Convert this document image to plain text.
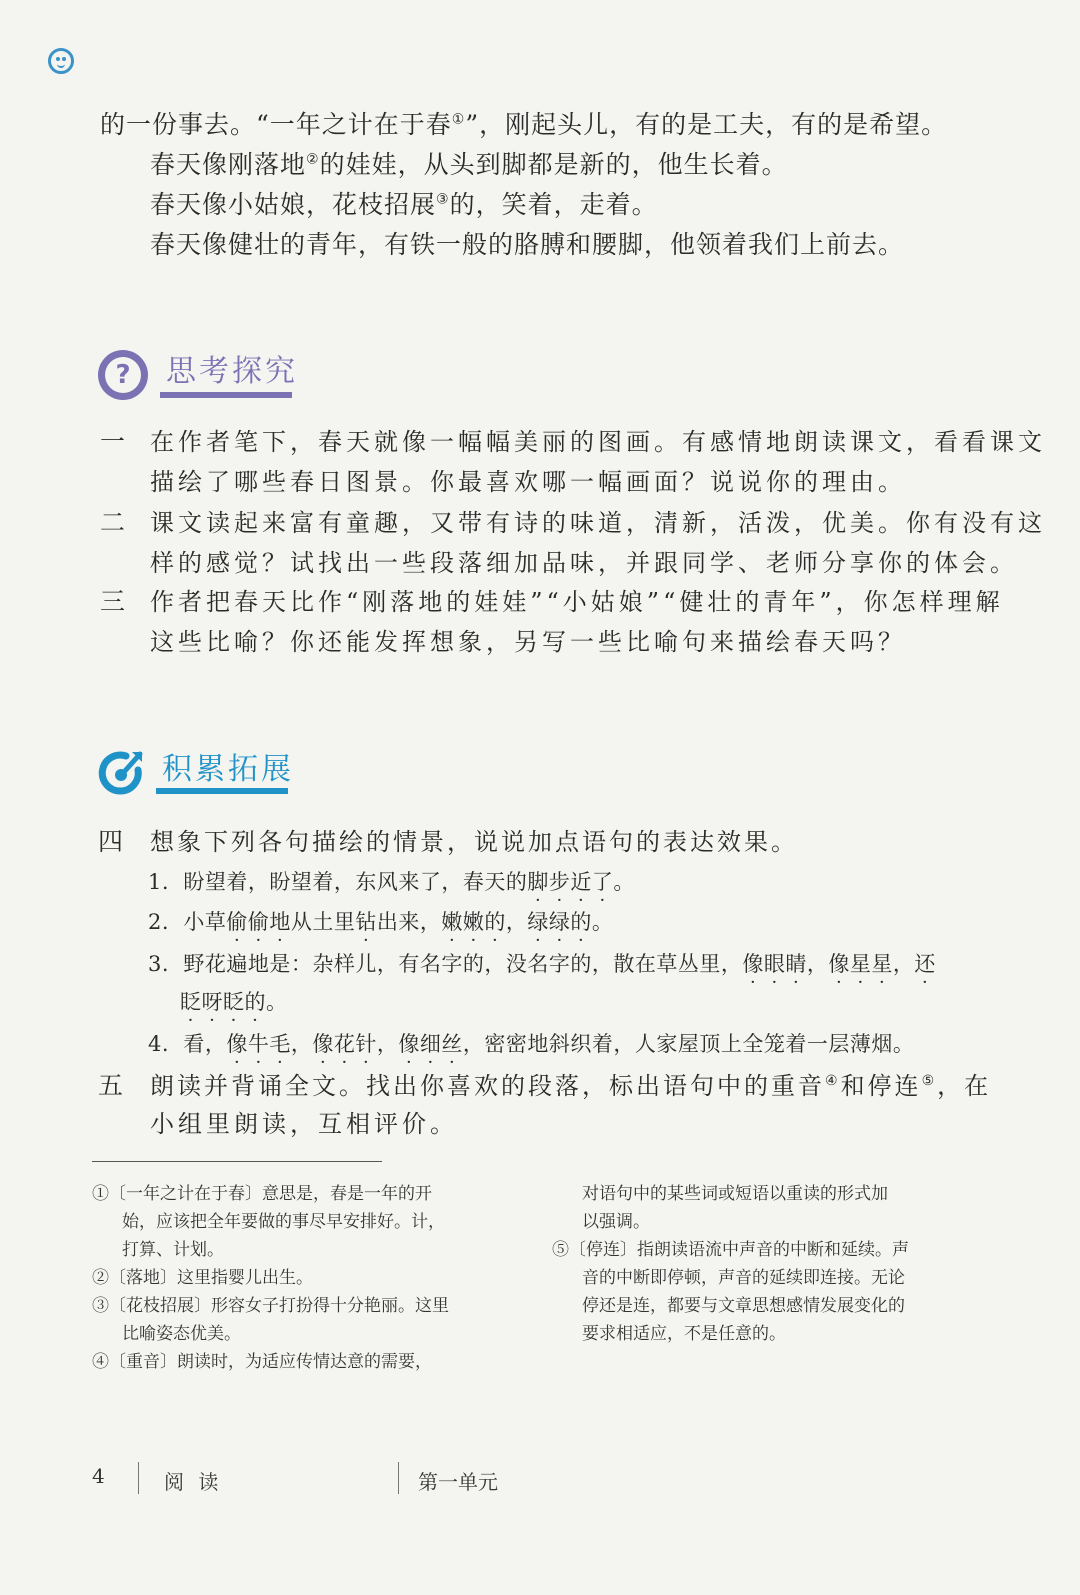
的一份事去。“一年之计在于春①”，刚起头儿，有的是工夫，有的是希望。
春天像刚落地②的娃娃，从头到脚都是新的，他生长着。
春天像小姑娘，花枝招展③的，笑着，走着。
春天像健壮的青年，有铁一般的胳膊和腰脚，他领着我们上前去。
? 思考探究
一 在作者笔下，春天就像一幅幅美丽的图画。有感情地朗读课文，看看课文
描绘了哪些春日图景。你最喜欢哪一幅画面？说说你的理由。
二 课文读起来富有童趣，又带有诗的味道，清新，活泼，优美。你有没有这
样的感觉？试找出一些段落细加品味，并跟同学、老师分享你的体会。
三 作者把春天比作“刚落地的娃娃”“小姑娘”“健壮的青年”，你怎样理解
这些比喻？你还能发挥想象，另写一些比喻句来描绘春天吗？
积累拓展
四 想象下列各句描绘的情景，说说加点语句的表达效果。
1. 盼望着，盼望着，东风来了，春天的脚步近了。
2. 小草偷偷地从土里钻出来，嫩嫩的，绿绿的。
3. 野花遍地是：杂样儿，有名字的，没名字的，散在草丛里，像眼睛，像星星，还
眨呀眨的。
4. 看，像牛毛，像花针，像细丝，密密地斜织着，人家屋顶上全笼着一层薄烟。
五 朗读并背诵全文。找出你喜欢的段落，标出语句中的重音④和停连⑤，在
小组里朗读，互相评价。
①〔一年之计在于春〕意思是，春是一年的开
始，应该把全年要做的事尽早安排好。计，
打算、计划。
②〔落地〕这里指婴儿出生。
③〔花枝招展〕形容女子打扮得十分艳丽。这里
比喻姿态优美。
④〔重音〕朗读时，为适应传情达意的需要，
对语句中的某些词或短语以重读的形式加
以强调。
⑤〔停连〕指朗读语流中声音的中断和延续。声
音的中断即停顿，声音的延续即连接。无论
停还是连，都要与文章思想感情发展变化的
要求相适应，不是任意的。
4	阅 读	第一单元
